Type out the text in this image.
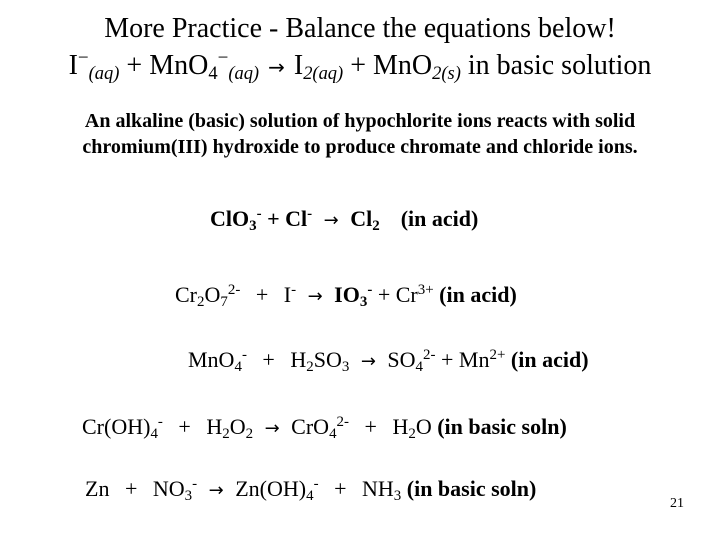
More Practice - Balance the equations below!
$I^-_{(aq)} + MnO_4^-_{(aq)} \to I_{2(aq)} + MnO_{2(s)}$ in basic solution
An alkaline (basic) solution of hypochlorite ions reacts with solid chromium(III) hydroxide to produce chromate and chloride ions.
$ClO_3^- + Cl^- \to Cl_2$ (in acid)
$Cr_2O_7^{2-} + I^- \to IO_3^- + Cr^{3+}$ (in acid)
$MnO_4^- + H_2SO_3 \to SO_4^{2-} + Mn^{2+}$ (in acid)
$Cr(OH)_4^- + H_2O_2 \to CrO_4^{2-} + H_2O$ (in basic soln)
$Zn + NO_3^- \to Zn(OH)_4^- + NH_3$ (in basic soln)
21
